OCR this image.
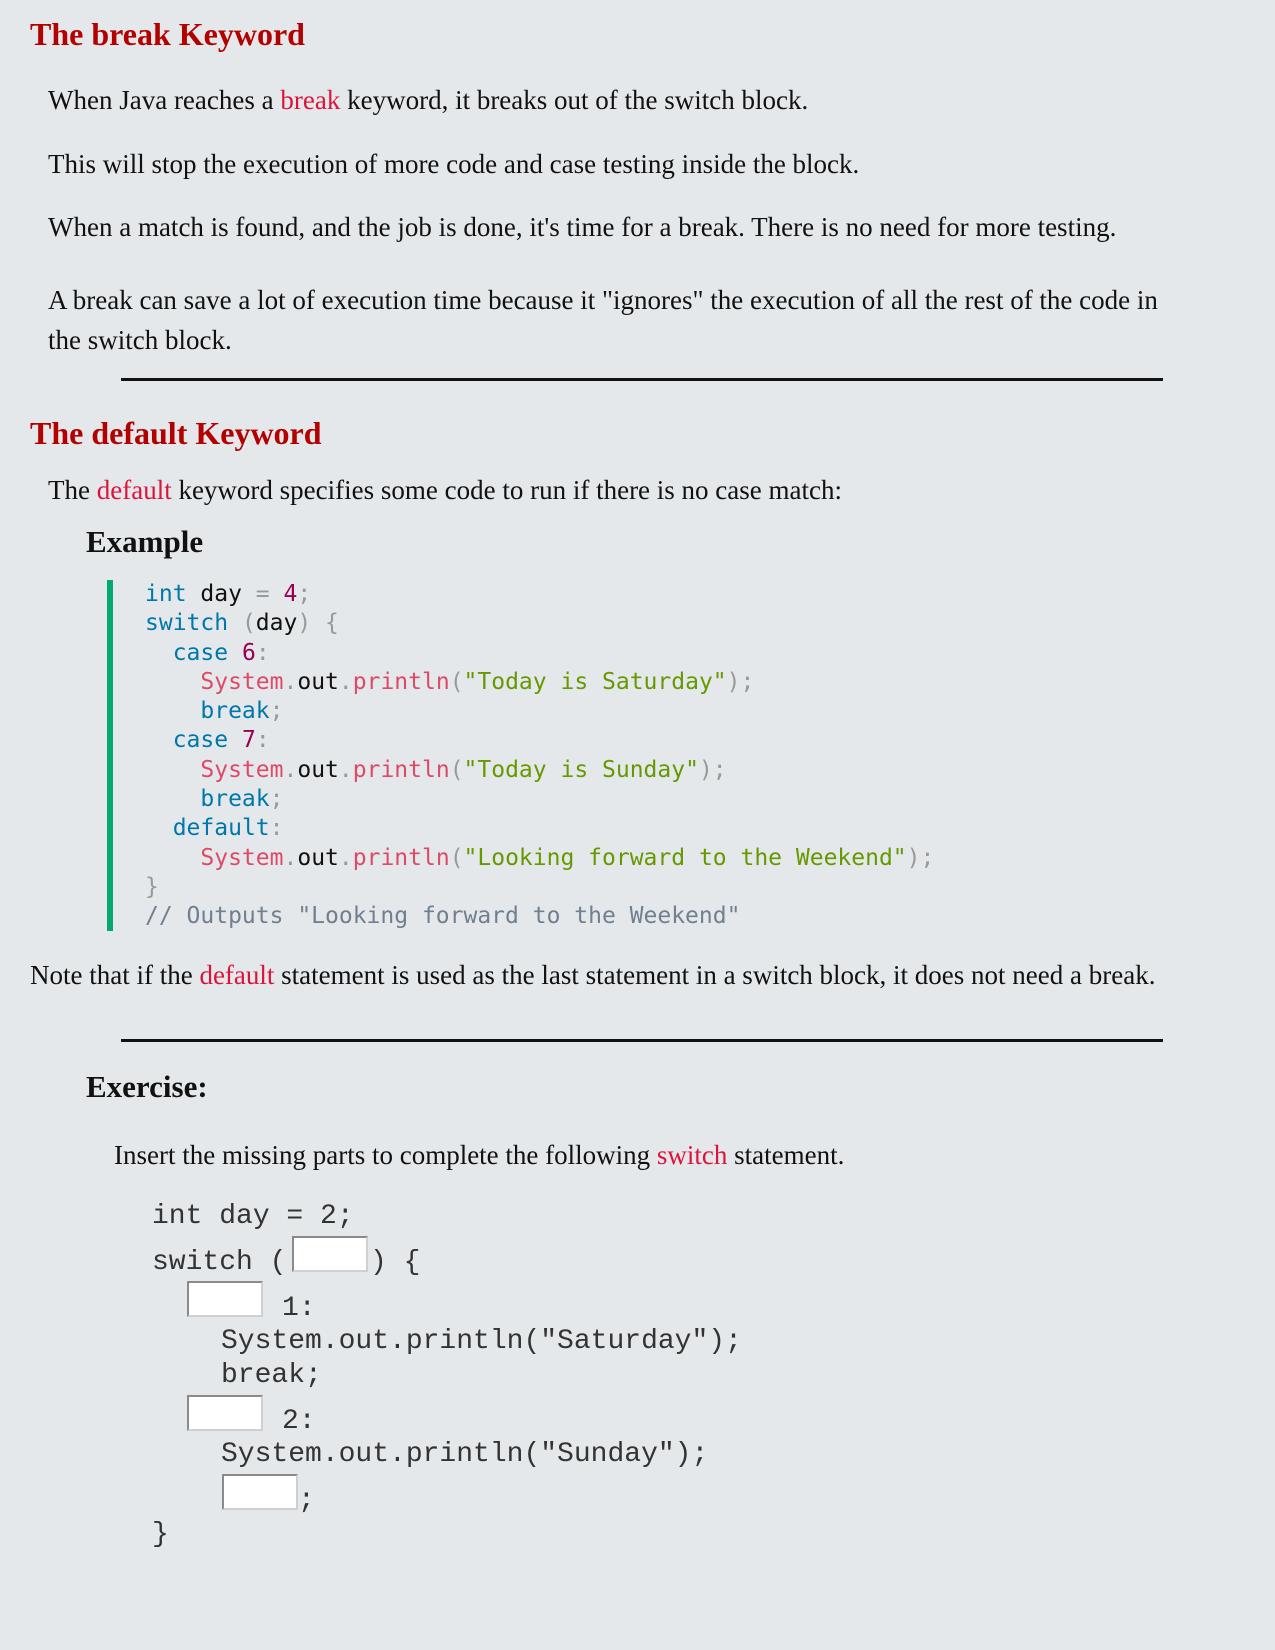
The break Keyword

When Java reaches a break keyword, it breaks out of the switch block.

This will stop the execution of more code and case testing inside the block.

When a match is found, and the job is done, it's time for a break. There is no need for more testing.

A break can save a lot of execution time because it "ignores" the execution of all the rest of the code in
the switch block.

The default Keyword

The default keyword specifies some code to run if there is no case match:

Example
int day = 4;
switch (day) {
case 6:
System.out.println("Today is Saturday");
break;
case 7:
System.out.println("Today is Sunday");
break;
default:
System.out.println("Looking forward to the Weekend");
}
// Outputs "Looking forward to the Weekend"

Note that if the default statement is used as the last statement in a switch block, it does not need a break.

Exercise:

Insert the missing parts to complete the following switch statement.

int day = 2;
switch (	) {
1:
System.out.println("Saturday");
break;
2:
System.out.println("Sunday");
;
}
